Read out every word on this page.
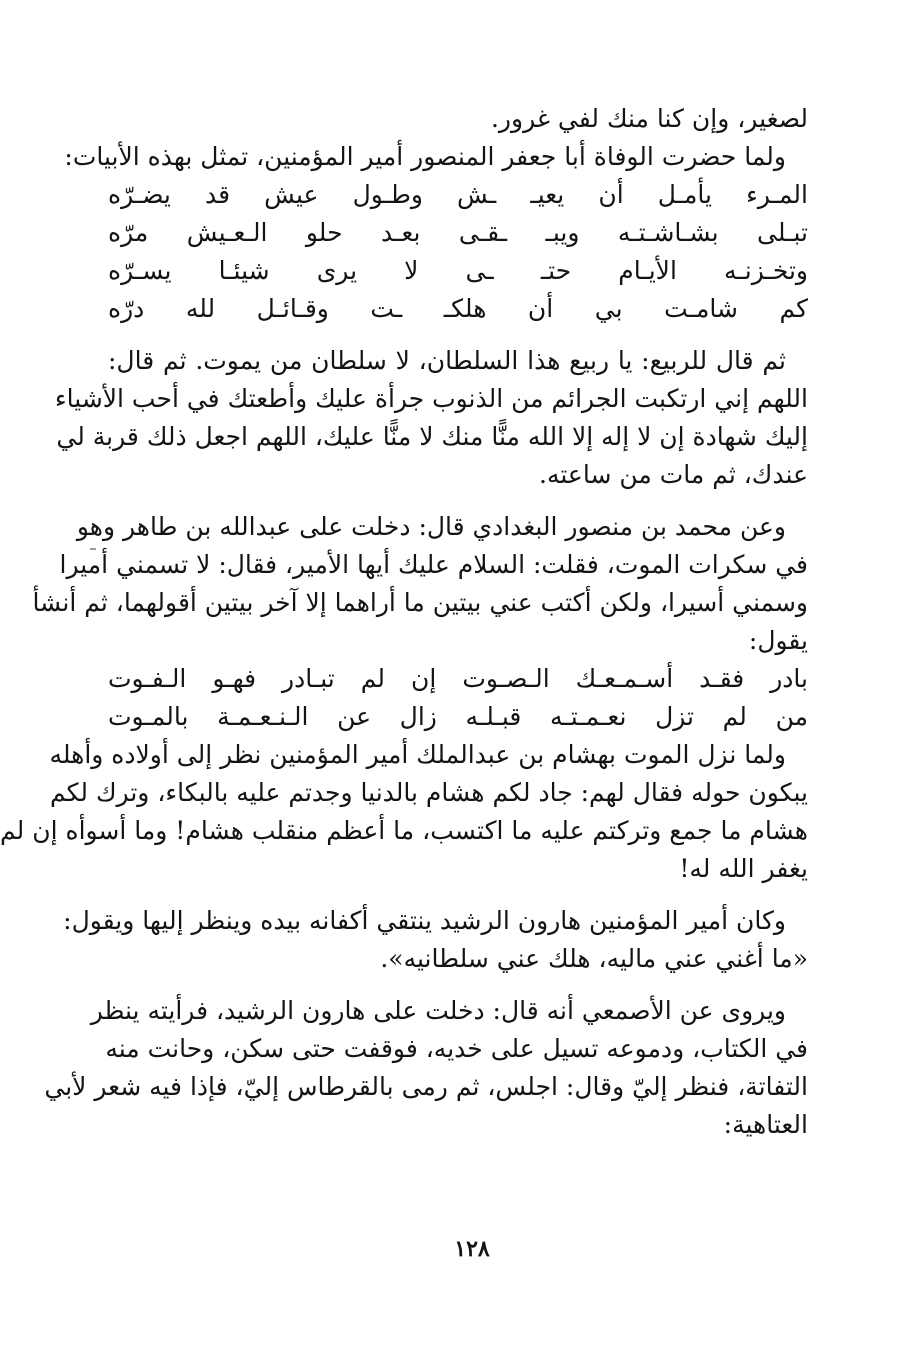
لصغير، وإن كنا منك لفي غرور.
ولما حضرت الوفاة أبا جعفر المنصور أمير المؤمنين، تمثل بهذه الأبيات:
المـرء يأمـل أن يعيـ ـش وطـول عيش قد يضـرّه
تبـلى بشـاشـتـه ويبـ ـقـى بعـد حلو الـعـيش مرّه
وتخـزنـه الأيـام حتـ ـى لا يرى شيئـا يسـرّه
كم شامـت بي أن هلكـ ـت وقـائـل لله درّه
ثم قال للربيع: يا ربيع هذا السلطان، لا سلطان من يموت. ثم قال:
اللهم إني ارتكبت الجرائم من الذنوب جرأة عليك وأطعتك في أحب الأشياء
إليك شهادة إن لا إله إلا الله منًّا منك لا منًّا عليك، اللهم اجعل ذلك قربة لي
عندك، ثم مات من ساعته.
وعن محمد بن منصور البغدادي قال: دخلت على عبدالله بن طاهر وهو
في سكرات الموت، فقلت: السلام عليك أيها الأمير، فقال: لا تسمني أميرا
وسمني أسيرا، ولكن أكتب عني بيتين ما أراهما إلا آخر بيتين أقولهما، ثم أنشأ
يقول:
بادر فقـد أسـمـعـك الـصـوت إن لم تبـادر فهـو الـفـوت
من لم تزل نعـمـتـه قبـلـه زال عن الـنـعـمـة بالمـوت
ولما نزل الموت بهشام بن عبدالملك أمير المؤمنين نظر إلى أولاده وأهله
يبكون حوله فقال لهم: جاد لكم هشام بالدنيا وجدتم عليه بالبكاء، وترك لكم
هشام ما جمع وتركتم عليه ما اكتسب، ما أعظم منقلب هشام! وما أسوأه إن لم
يغفر الله له!
وكان أمير المؤمنين هارون الرشيد ينتقي أكفانه بيده وينظر إليها ويقول:
«ما أغني عني ماليه، هلك عني سلطانيه».
ويروى عن الأصمعي أنه قال: دخلت على هارون الرشيد، فرأيته ينظر
في الكتاب، ودموعه تسيل على خديه، فوقفت حتى سكن، وحانت منه
التفاتة، فنظر إليّ وقال: اجلس، ثم رمى بالقرطاس إليّ، فإذا فيه شعر لأبي
العتاهية:
١٢٨
